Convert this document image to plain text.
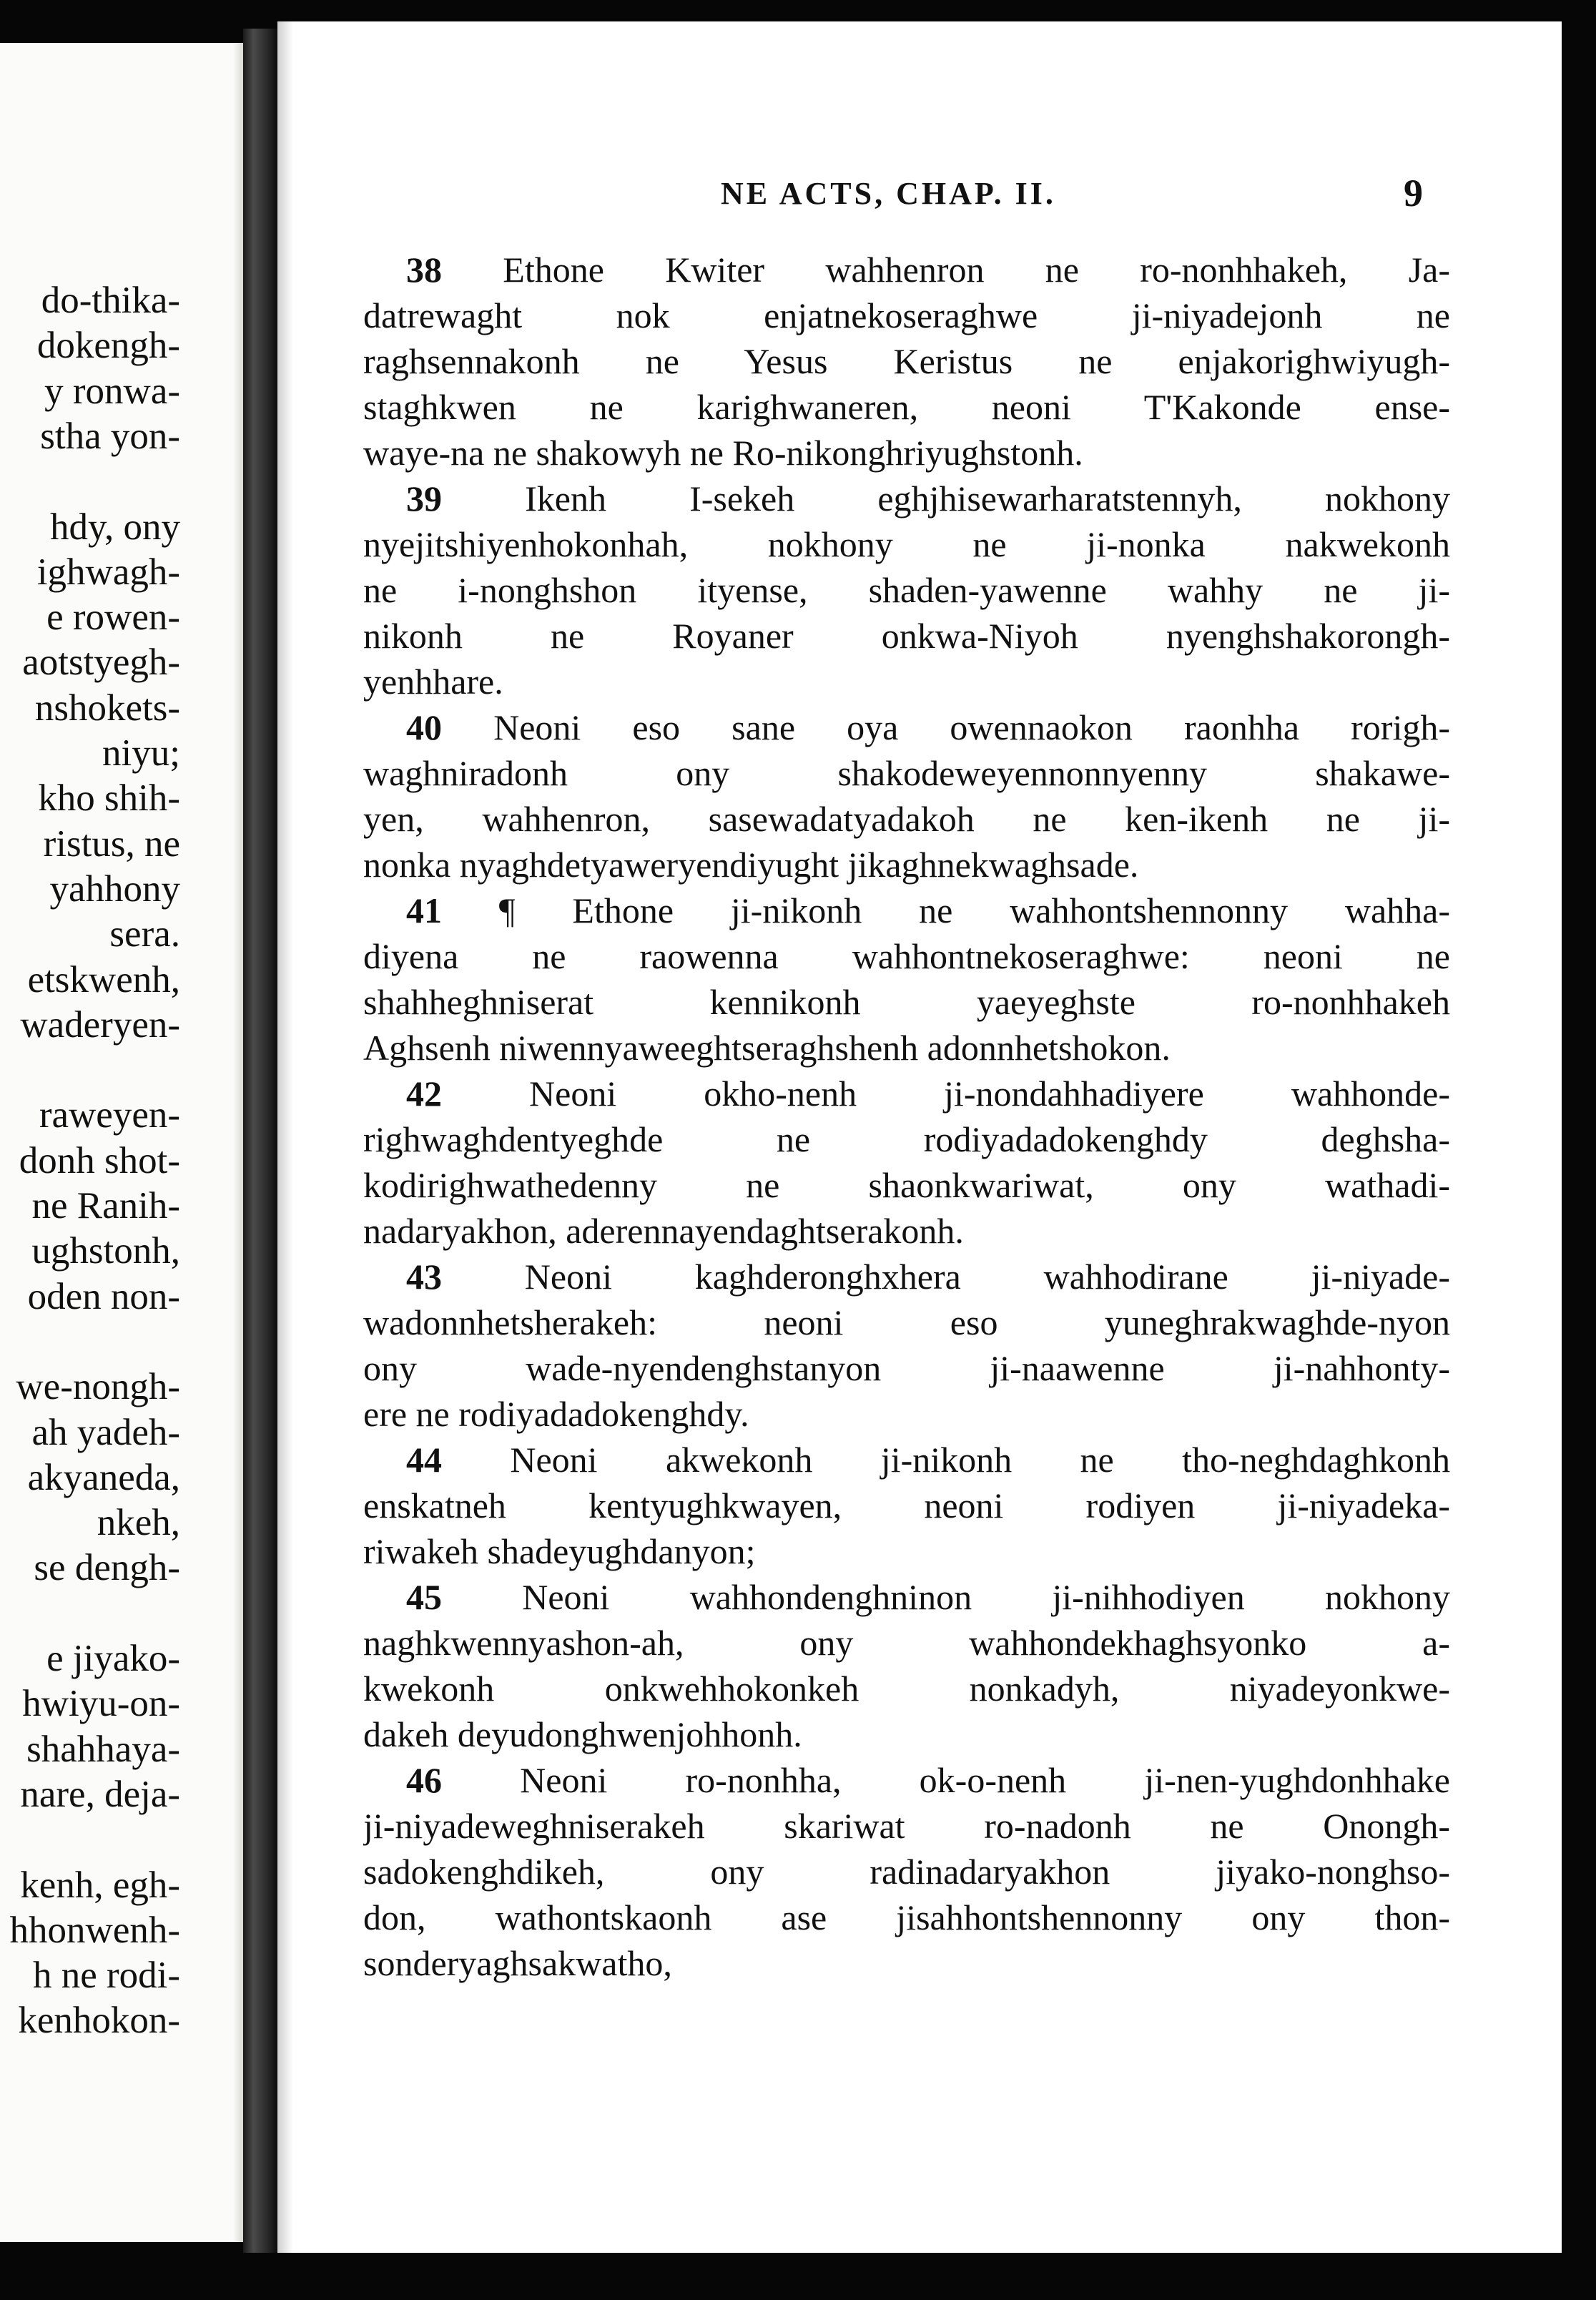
do-thika-
dokengh-
y ronwa-
stha yon-
hdy, ony
ighwagh-
e rowen-
aotstyegh-
nshokets-
niyu;
kho shih-
ristus, ne
yahhony
sera.
etskwenh,
waderyen-
raweyen-
donh shot-
ne Ranih-
ughstonh,
oden non-
we-nongh-
ah yadeh-
akyaneda,
nkeh,
se dengh-
e jiyako-
hwiyu-on-
shahhaya-
nare, deja-
kenh, egh-
hhonwenh-
h ne rodi-
kenhokon-
NE ACTS, CHAP. II.	9
38 Ethone Kwiter wahhenron ne ro-nonhhakeh, Ja-
datrewaght nok enjatnekoseraghwe ji-niyadejonh ne
raghsennakonh ne Yesus Keristus ne enjakorighwiyugh-
staghkwen ne karighwaneren, neoni T'Kakonde ense-
waye-na ne shakowyh ne Ro-nikonghriyughstonh.
39 Ikenh I-sekeh eghjhisewarharatstennyh, nokhony
nyejitshiyenhokonhah, nokhony ne ji-nonka nakwekonh
ne i-nonghshon ityense, shaden-yawenne wahhy ne ji-
nikonh ne Royaner onkwa-Niyoh nyenghshakorongh-
yenhhare.
40 Neoni eso sane oya owennaokon raonhha rorigh-
waghniradonh ony shakodeweyennonnyenny shakawe-
yen, wahhenron, sasewadatyadakoh ne ken-ikenh ne ji-
nonka nyaghdetyaweryendiyught jikaghnekwaghsade.
41 ¶ Ethone ji-nikonh ne wahhontshennonny wahha-
diyena ne raowenna wahhontnekoseraghwe: neoni ne
shahheghniserat kennikonh yaeyeghste ro-nonhhakeh
Aghsenh niwennyaweeghtseraghshenh adonnhetshokon.
42 Neoni okho-nenh ji-nondahhadiyere wahhonde-
righwaghdentyeghde ne rodiyadadokenghdy deghsha-
kodirighwathedenny ne shaonkwariwat, ony wathadi-
nadaryakhon, aderennayendaghtserakonh.
43 Neoni kaghderonghxhera wahhodirane ji-niyade-
wadonnhetsherakeh: neoni eso yuneghrakwaghde-nyon
ony wade-nyendenghstanyon ji-naawenne ji-nahhonty-
ere ne rodiyadadokenghdy.
44 Neoni akwekonh ji-nikonh ne tho-neghdaghkonh
enskatneh kentyughkwayen, neoni rodiyen ji-niyadeka-
riwakeh shadeyughdanyon;
45 Neoni wahhondenghninon ji-nihhodiyen nokhony
naghkwennyashon-ah, ony wahhondekhaghsyonko a-
kwekonh onkwehhokonkeh nonkadyh, niyadeyonkwe-
dakeh deyudonghwenjohhonh.
46 Neoni ro-nonhha, ok-o-nenh ji-nen-yughdonhhake
ji-niyadeweghniserakeh skariwat ro-nadonh ne Onongh-
sadokenghdikeh, ony radinadaryakhon jiyako-nonghso-
don, wathontskaonh ase jisahhontshennonny ony thon-
sonderyaghsakwatho,
